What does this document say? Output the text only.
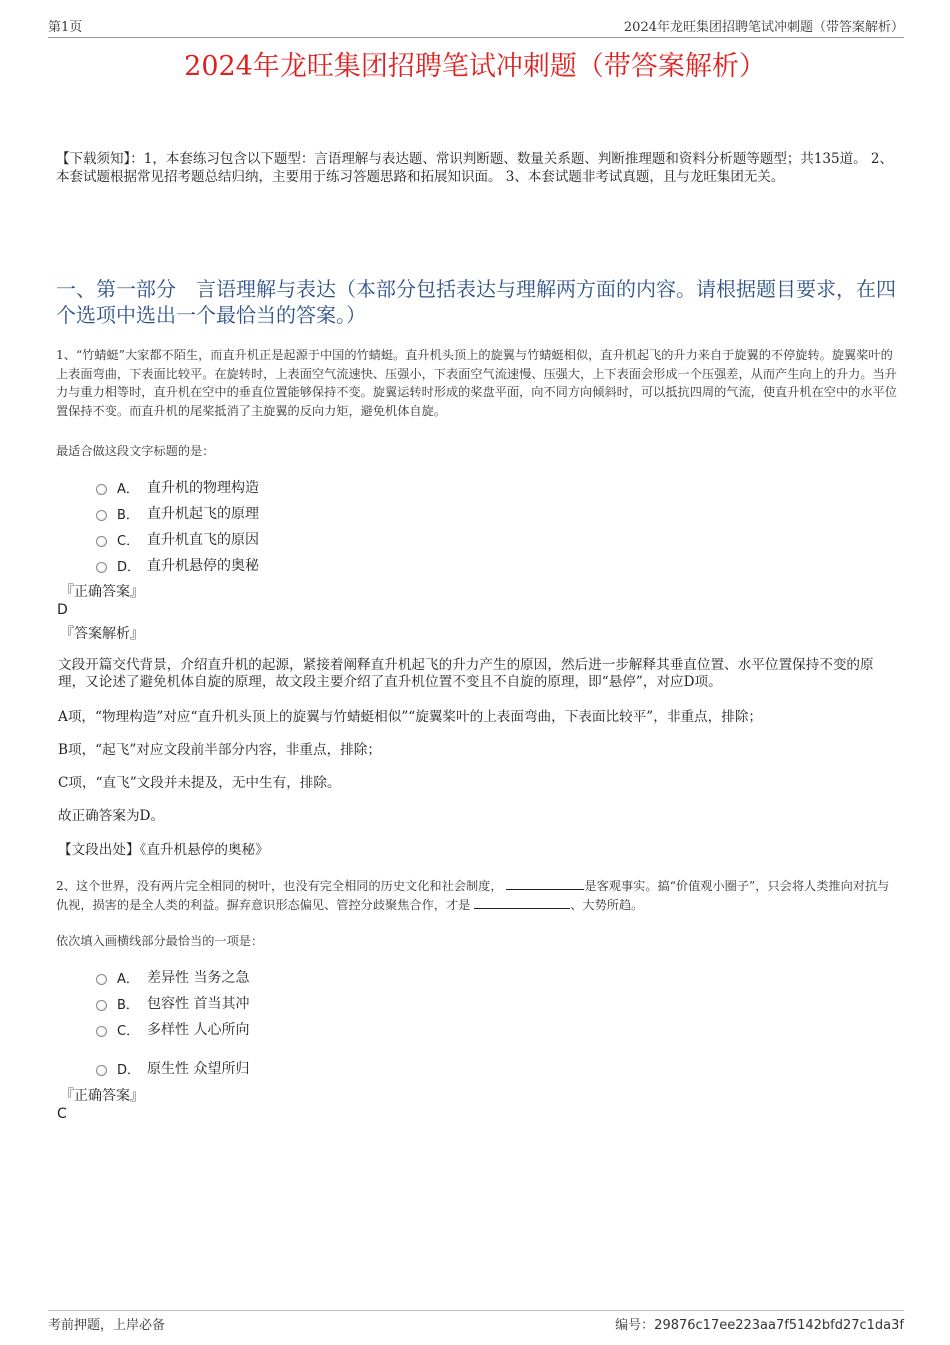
第1页	2024年龙旺集团招聘笔试冲刺题（带答案解析）
2024年龙旺集团招聘笔试冲刺题（带答案解析）
【下载须知】：1，本套练习包含以下题型：言语理解与表达题、常识判断题、数量关系题、判断推理题和资料分析题等题型；共135道。 2、本套试题根据常见招考题总结归纳，主要用于练习答题思路和拓展知识面。 3、本套试题非考试真题，且与龙旺集团无关。
一、第一部分　言语理解与表达（本部分包括表达与理解两方面的内容。请根据题目要求，在四个选项中选出一个最恰当的答案。）
1、“竹蜻蜓”大家都不陌生，而直升机正是起源于中国的竹蜻蜓。直升机头顶上的旋翼与竹蜻蜓相似，直升机起飞的升力来自于旋翼的不停旋转。旋翼桨叶的上表面弯曲，下表面比较平。在旋转时，上表面空气流速快、压强小，下表面空气流速慢、压强大，上下表面会形成一个压强差，从而产生向上的升力。当升力与重力相等时，直升机在空中的垂直位置能够保持不变。旋翼运转时形成的桨盘平面，向不同方向倾斜时，可以抵抗四周的气流，使直升机在空中的水平位置保持不变。而直升机的尾桨抵消了主旋翼的反向力矩，避免机体自旋。
最适合做这段文字标题的是：
A． 直升机的物理构造
B． 直升机起飞的原理
C． 直升机直飞的原因
D． 直升机悬停的奥秘
『正确答案』
D
『答案解析』
文段开篇交代背景，介绍直升机的起源，紧接着阐释直升机起飞的升力产生的原因，然后进一步解释其垂直位置、水平位置保持不变的原理，又论述了避免机体自旋的原理，故文段主要介绍了直升机位置不变且不自旋的原理，即“悬停”，对应D项。
A项，“物理构造”对应“直升机头顶上的旋翼与竹蜻蜓相似”“旋翼桨叶的上表面弯曲，下表面比较平”，非重点，排除；
B项，“起飞”对应文段前半部分内容，非重点，排除；
C项，“直飞”文段并未提及，无中生有，排除。
故正确答案为D。
【文段出处】《直升机悬停的奥秘》
2、这个世界，没有两片完全相同的树叶，也没有完全相同的历史文化和社会制度，	是客观事实。搞“价值观小圈子”，只会将人类推向对抗与仇视，损害的是全人类的利益。摒弃意识形态偏见、管控分歧聚焦合作，才是	、大势所趋。
依次填入画横线部分最恰当的一项是：
A． 差异性 当务之急
B． 包容性 首当其冲
C． 多样性 人心所向
D． 原生性 众望所归
『正确答案』
C
考前押题，上岸必备	编号：29876c17ee223aa7f5142bfd27c1da3f
